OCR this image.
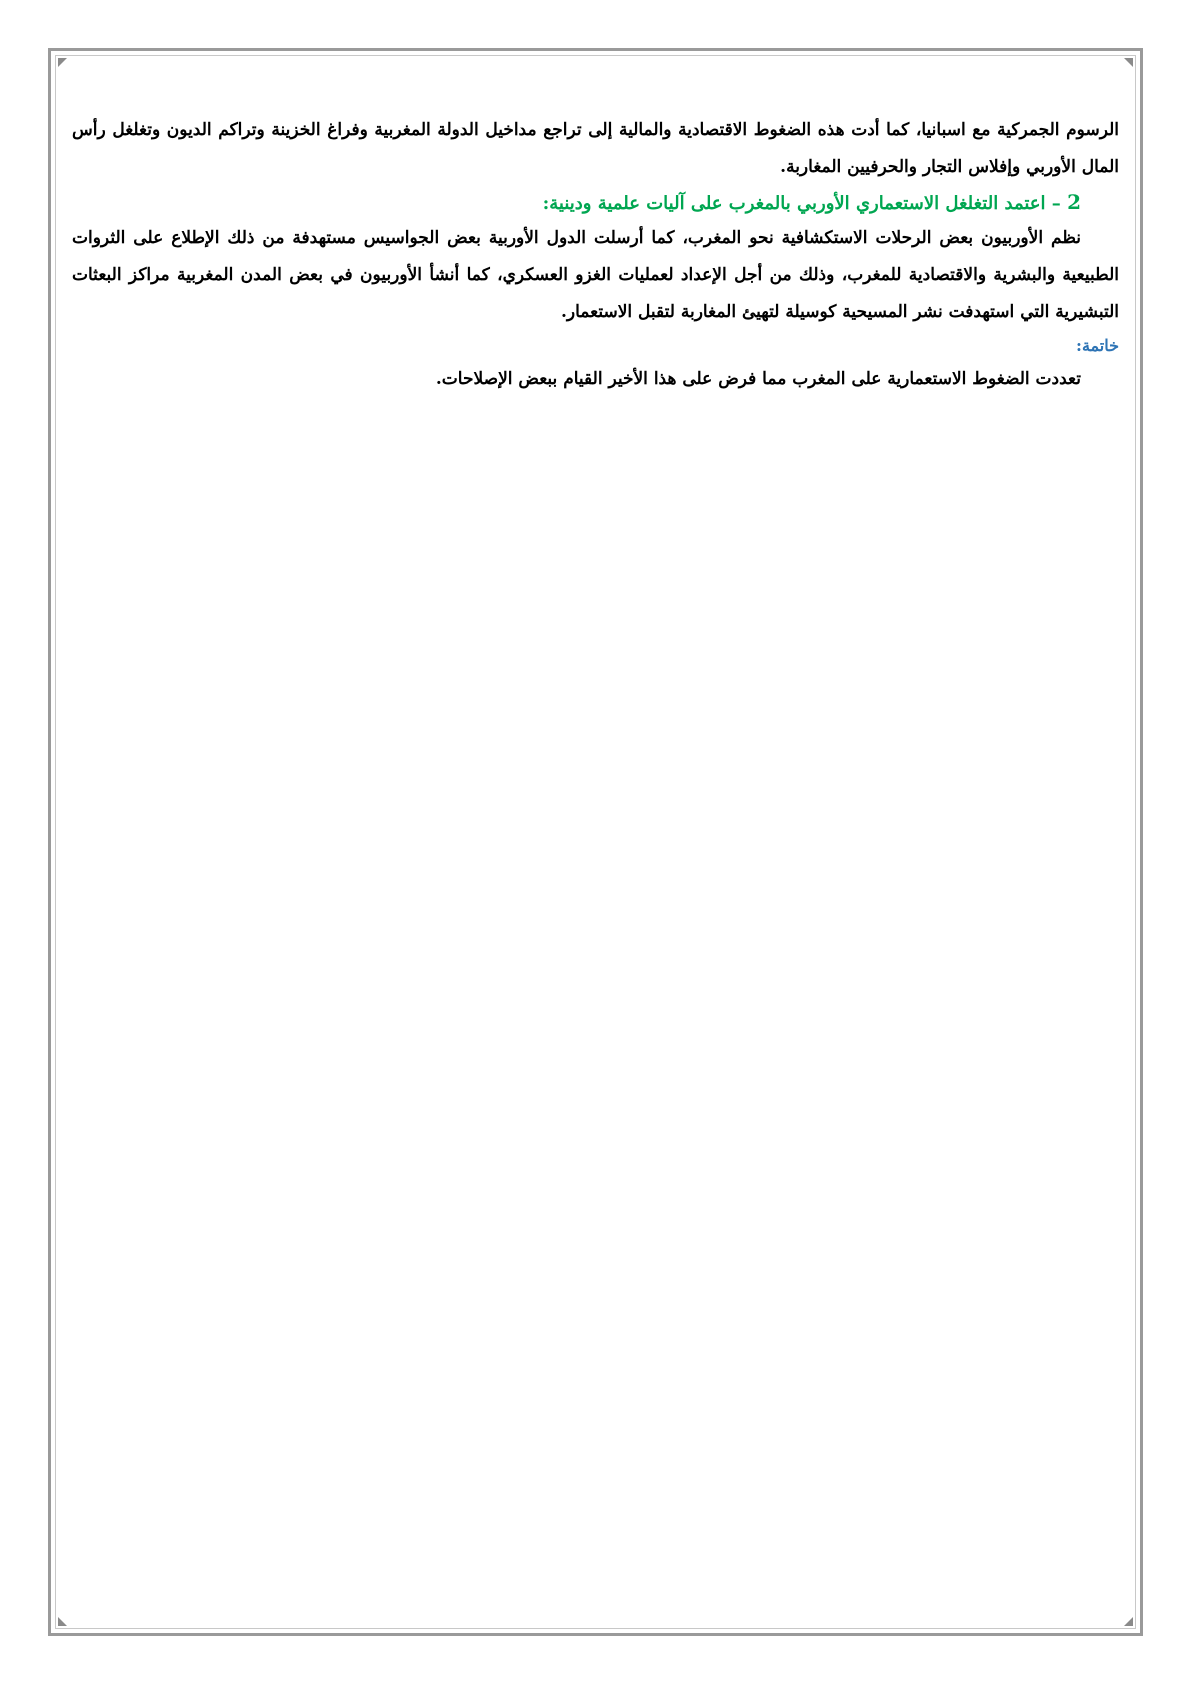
الرسوم الجمركية مع اسبانيا، كما أدت هذه الضغوط الاقتصادية والمالية إلى تراجع مداخيل الدولة المغربية وفراغ الخزينة وتراكم الديون وتغلغل رأس المال الأوربي وإفلاس التجار والحرفيين المغاربة.

2 – اعتمد التغلغل الاستعماري الأوربي بالمغرب على آليات علمية ودينية:

نظم الأوربيون بعض الرحلات الاستكشافية نحو المغرب، كما أرسلت الدول الأوربية بعض الجواسيس مستهدفة من ذلك الإطلاع على الثروات الطبيعية والبشرية والاقتصادية للمغرب، وذلك من أجل الإعداد لعمليات الغزو العسكري، كما أنشأ الأوربيون في بعض المدن المغربية مراكز البعثات التبشيرية التي استهدفت نشر المسيحية كوسيلة لتهيئ المغاربة لتقبل الاستعمار.

خاتمة:

تعددت الضغوط الاستعمارية على المغرب مما فرض على هذا الأخير القيام ببعض الإصلاحات.
